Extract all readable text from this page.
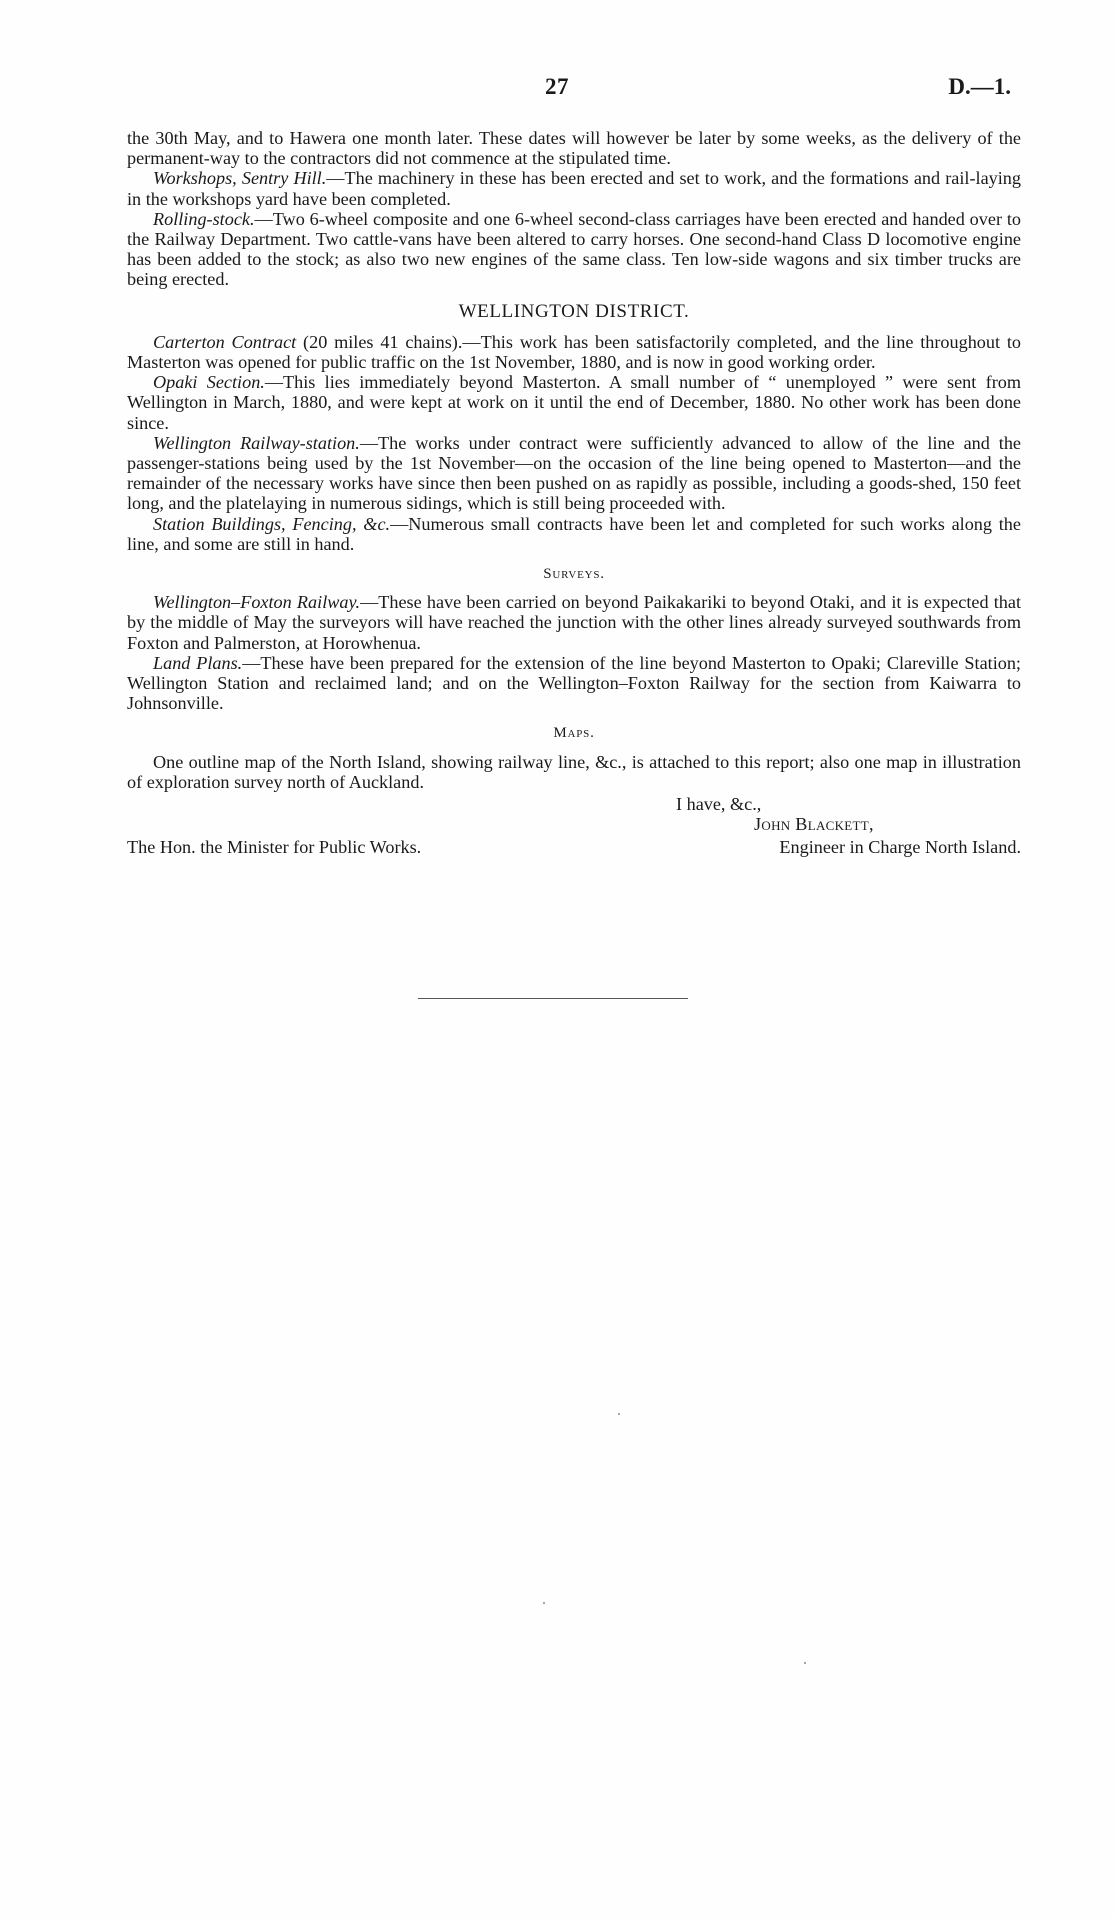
27	D.—1.

the 30th May, and to Hawera one month later. These dates will however be later by some weeks, as the delivery of the permanent-way to the contractors did not commence at the stipulated time.

Workshops, Sentry Hill.—The machinery in these has been erected and set to work, and the formations and rail-laying in the workshops yard have been completed.

Rolling-stock.—Two 6-wheel composite and one 6-wheel second-class carriages have been erected and handed over to the Railway Department. Two cattle-vans have been altered to carry horses. One second-hand Class D locomotive engine has been added to the stock; as also two new engines of the same class. Ten low-side wagons and six timber trucks are being erected.

WELLINGTON DISTRICT.

Carterton Contract (20 miles 41 chains).—This work has been satisfactorily completed, and the line throughout to Masterton was opened for public traffic on the 1st November, 1880, and is now in good working order.

Opaki Section.—This lies immediately beyond Masterton. A small number of “ unemployed ” were sent from Wellington in March, 1880, and were kept at work on it until the end of December, 1880. No other work has been done since.

Wellington Railway-station.—The works under contract were sufficiently advanced to allow of the line and the passenger-stations being used by the 1st November—on the occasion of the line being opened to Masterton—and the remainder of the necessary works have since then been pushed on as rapidly as possible, including a goods-shed, 150 feet long, and the platelaying in numerous sidings, which is still being proceeded with.

Station Buildings, Fencing, &c.—Numerous small contracts have been let and completed for such works along the line, and some are still in hand.

Surveys.

Wellington–Foxton Railway.—These have been carried on beyond Paikakariki to beyond Otaki, and it is expected that by the middle of May the surveyors will have reached the junction with the other lines already surveyed southwards from Foxton and Palmerston, at Horowhenua.

Land Plans.—These have been prepared for the extension of the line beyond Masterton to Opaki; Clareville Station; Wellington Station and reclaimed land; and on the Wellington–Foxton Railway for the section from Kaiwarra to Johnsonville.

Maps.

One outline map of the North Island, showing railway line, &c., is attached to this report; also one map in illustration of exploration survey north of Auckland.

I have, &c.,

John Blackett,

The Hon. the Minister for Public Works.	Engineer in Charge North Island.
